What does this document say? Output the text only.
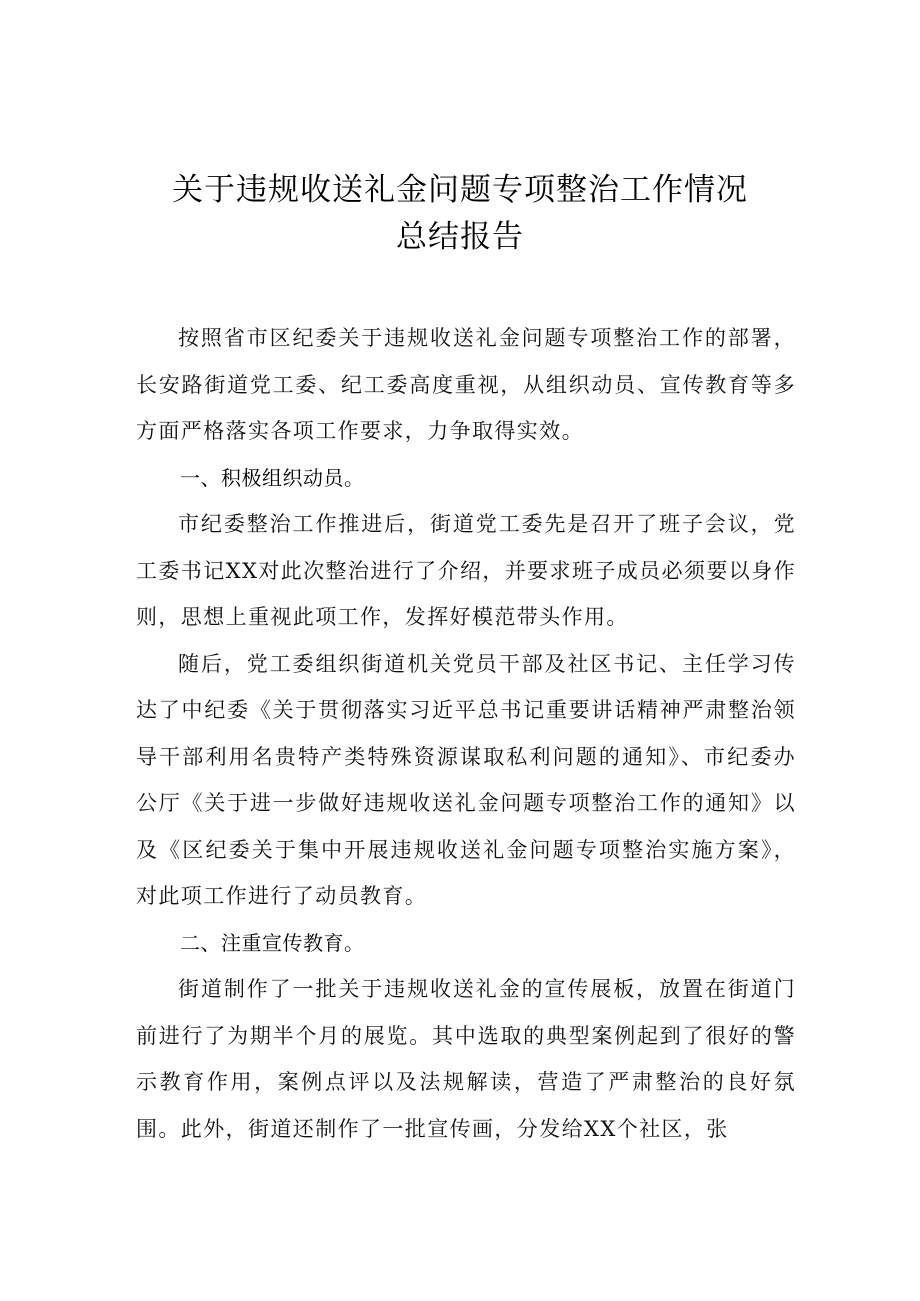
关于违规收送礼金问题专项整治工作情况
总结报告

按照省市区纪委关于违规收送礼金问题专项整治工作的部署，长安路街道党工委、纪工委高度重视，从组织动员、宣传教育等多方面严格落实各项工作要求，力争取得实效。

一、积极组织动员。

市纪委整治工作推进后，街道党工委先是召开了班子会议，党工委书记XX对此次整治进行了介绍，并要求班子成员必须要以身作则，思想上重视此项工作，发挥好模范带头作用。

随后，党工委组织街道机关党员干部及社区书记、主任学习传达了中纪委《关于贯彻落实习近平总书记重要讲话精神严肃整治领导干部利用名贵特产类特殊资源谋取私利问题的通知》、市纪委办公厅《关于进一步做好违规收送礼金问题专项整治工作的通知》以及《区纪委关于集中开展违规收送礼金问题专项整治实施方案》，对此项工作进行了动员教育。

二、注重宣传教育。

街道制作了一批关于违规收送礼金的宣传展板，放置在街道门前进行了为期半个月的展览。其中选取的典型案例起到了很好的警示教育作用，案例点评以及法规解读，营造了严肃整治的良好氛围。此外，街道还制作了一批宣传画，分发给XX个社区，张
